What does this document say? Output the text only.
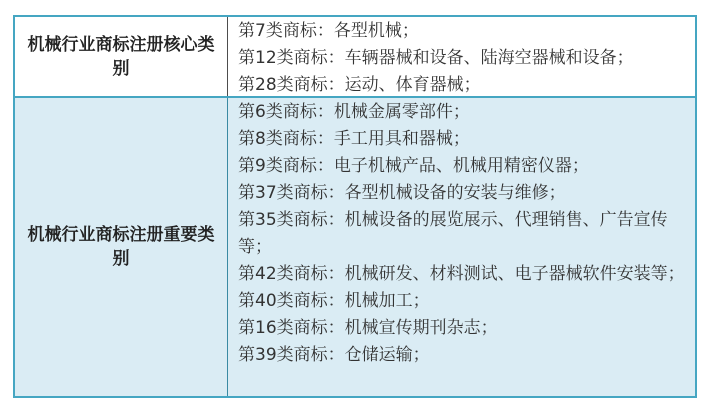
机械行业商标注册核心类别

第7类商标：各型机械；

第12类商标：车辆器械和设备、陆海空器械和设备；

第28类商标：运动、体育器械；

机械行业商标注册重要类别

第6类商标：机械金属零部件；

第8类商标：手工用具和器械；

第9类商标：电子机械产品、机械用精密仪器；

第37类商标：各型机械设备的安装与维修；

第35类商标：机械设备的展览展示、代理销售、广告宣传等；

第42类商标：机械研发、材料测试、电子器械软件安装等；

第40类商标：机械加工；

第16类商标：机械宣传期刊杂志；

第39类商标：仓储运输；
